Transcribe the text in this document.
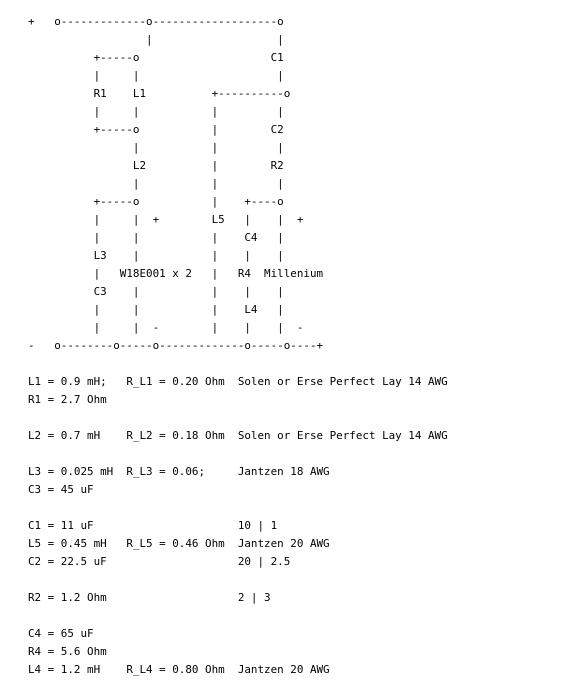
+   o-------------o-------------------o
|                   |
+-----o                    C1
|     |                     |
R1    L1          +----------o
|     |           |         |
+-----o           |        C2
|           |         |
L2          |        R2
|           |         |
+-----o           |    +----o
|     |  +        L5   |    |  +
|     |           |    C4   |
L3    |           |    |    |
|   W18E001 x 2   |   R4  Millenium
C3    |           |    |    |
|     |           |    L4   |
|     |  -        |    |    |  -
-   o--------o-----o-------------o-----o----+

L1 = 0.9 mH;   R_L1 = 0.20 Ohm  Solen or Erse Perfect Lay 14 AWG
R1 = 2.7 Ohm

L2 = 0.7 mH    R_L2 = 0.18 Ohm  Solen or Erse Perfect Lay 14 AWG

L3 = 0.025 mH  R_L3 = 0.06;     Jantzen 18 AWG
C3 = 45 uF

C1 = 11 uF                      10 | 1
L5 = 0.45 mH   R_L5 = 0.46 Ohm  Jantzen 20 AWG
C2 = 22.5 uF                    20 | 2.5

R2 = 1.2 Ohm                    2 | 3

C4 = 65 uF
R4 = 5.6 Ohm
L4 = 1.2 mH    R_L4 = 0.80 Ohm  Jantzen 20 AWG
